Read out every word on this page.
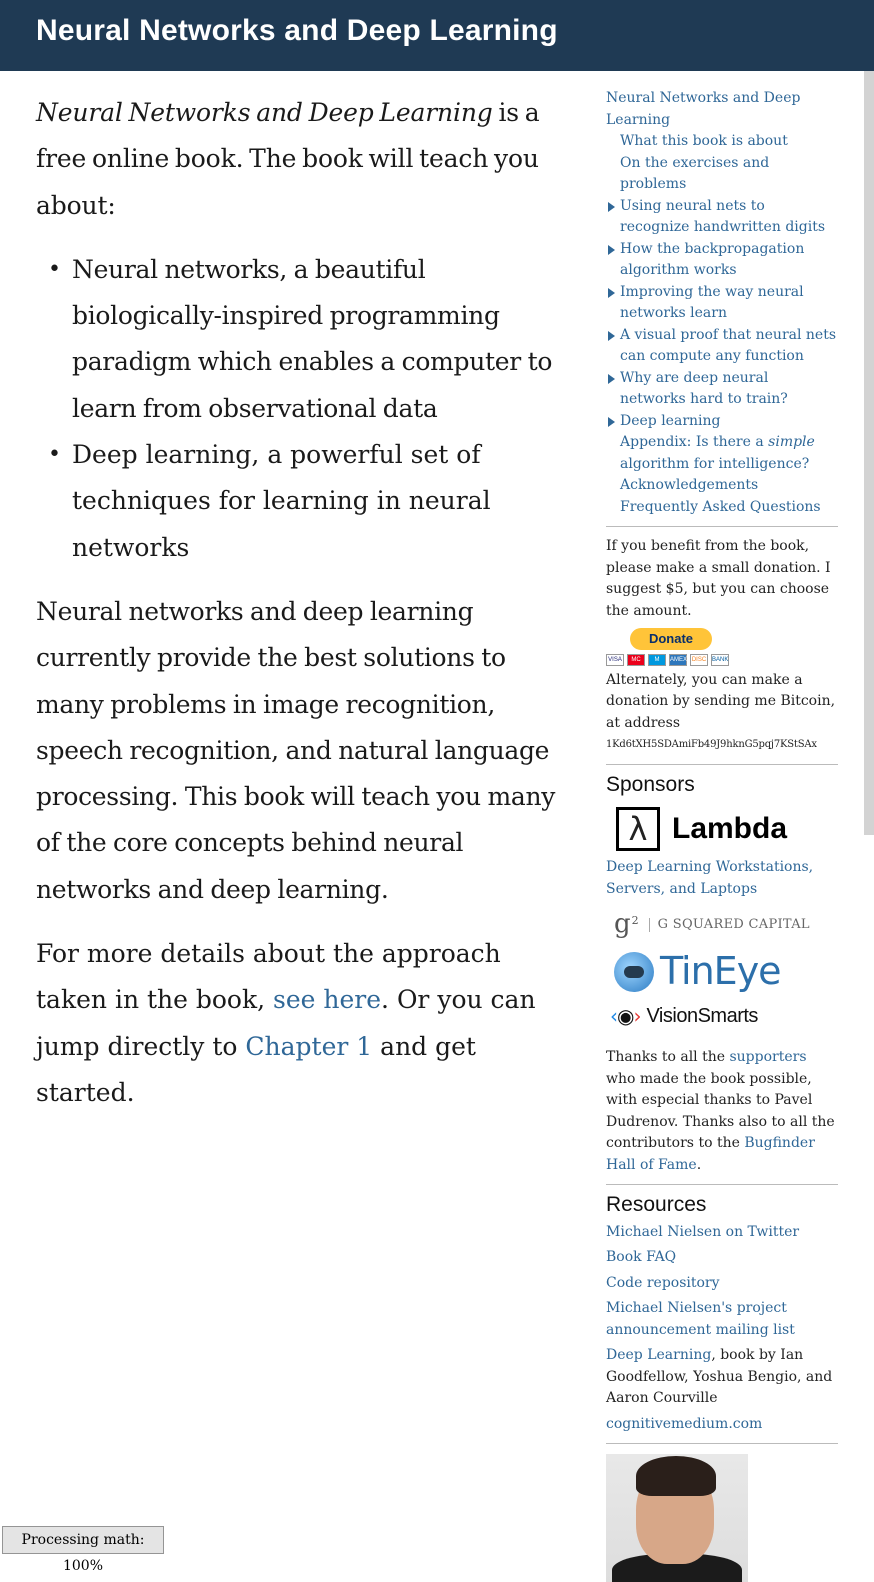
Neural Networks and Deep Learning

Neural Networks and Deep Learning is a free online book. The book will teach you about:

• Neural networks, a beautiful biologically-inspired programming paradigm which enables a computer to learn from observational data
• Deep learning, a powerful set of techniques for learning in neural networks

Neural networks and deep learning currently provide the best solutions to many problems in image recognition, speech recognition, and natural language processing. This book will teach you many of the core concepts behind neural networks and deep learning.

For more details about the approach taken in the book, see here. Or you can jump directly to Chapter 1 and get started.

Neural Networks and Deep Learning
What this book is about
On the exercises and problems
Using neural nets to recognize handwritten digits
How the backpropagation algorithm works
Improving the way neural networks learn
A visual proof that neural nets can compute any function
Why are deep neural networks hard to train?
Deep learning
Appendix: Is there a simple algorithm for intelligence?
Acknowledgements
Frequently Asked Questions
If you benefit from the book, please make a small donation. I suggest $5, but you can choose the amount.
Donate
VISA	MC	M	AMEX DISC BANK
Alternately, you can make a donation by sending me Bitcoin, at address
1Kd6tXH5SDAmiFb49J9hknG5pqj7KStSAx
Sponsors
λ Lambda
Deep Learning Workstations, Servers, and Laptops
g 2 G SQUARED CAPITAL
TinEye
‹◉› VisionSmarts
Thanks to all the supporters who made the book possible, with especial thanks to Pavel Dudrenov. Thanks also to all the contributors to the Bugfinder Hall of Fame.
Resources
Michael Nielsen on Twitter
Book FAQ
Code repository
Michael Nielsen's project announcement mailing list
Deep Learning, book by Ian Goodfellow, Yoshua Bengio, and Aaron Courville
cognitivemedium.com
Processing math: 100%
